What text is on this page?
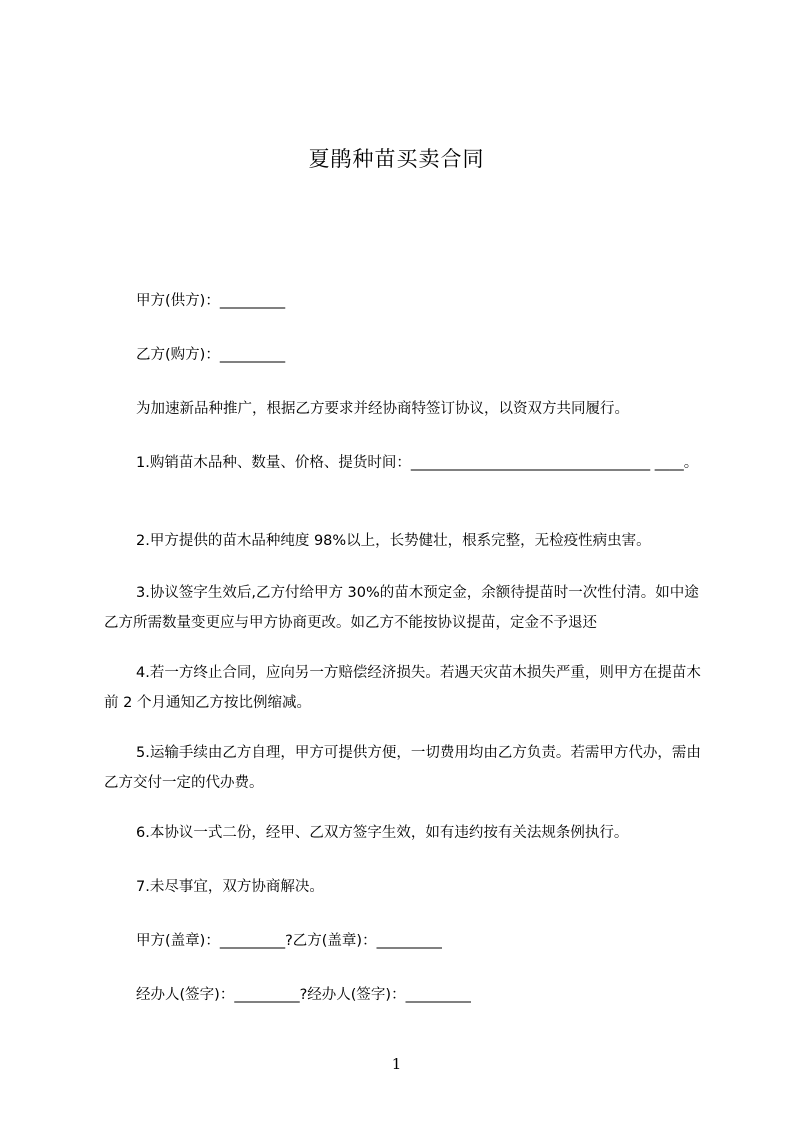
夏鹃种苗买卖合同
甲方(供方)：_________
乙方(购方)：_________
为加速新品种推广，根据乙方要求并经协商特签订协议，以资双方共同履行。
1.购销苗木品种、数量、价格、提货时间：_________________________________ ____。
2.甲方提供的苗木品种纯度 98%以上，长势健壮，根系完整，无检疫性病虫害。
3.协议签字生效后,乙方付给甲方 30%的苗木预定金，余额待提苗时一次性付清。如中途乙方所需数量变更应与甲方协商更改。如乙方不能按协议提苗，定金不予退还
4.若一方终止合同，应向另一方赔偿经济损失。若遇天灾苗木损失严重，则甲方在提苗木前 2 个月通知乙方按比例缩减。
5.运输手续由乙方自理，甲方可提供方便，一切费用均由乙方负责。若需甲方代办，需由乙方交付一定的代办费。
6.本协议一式二份，经甲、乙双方签字生效，如有违约按有关法规条例执行。
7.未尽事宜，双方协商解决。
甲方(盖章)：_________?乙方(盖章)：_________
经办人(签字)：_________?经办人(签字)：_________
1
